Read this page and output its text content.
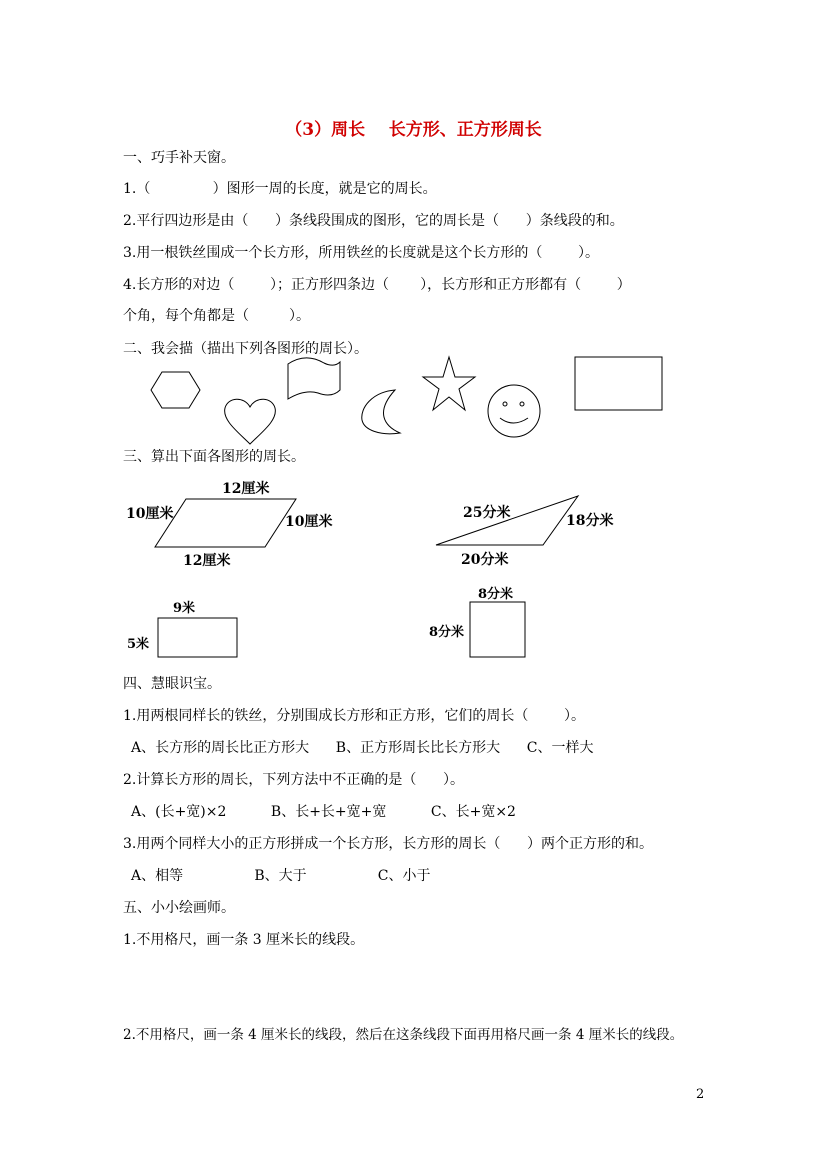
（3）周长    长方形、正方形周长
一、巧手补天窗。
1.（              ）图形一周的长度，就是它的周长。
2.平行四边形是由（      ）条线段围成的图形，它的周长是（      ）条线段的和。
3.用一根铁丝围成一个长方形，所用铁丝的长度就是这个长方形的（        ）。
4.长方形的对边（        ）；正方形四条边（       ），长方形和正方形都有（        ）
个角，每个角都是（         ）。
二、我会描（描出下列各图形的周长）。
三、算出下面各图形的周长。
12厘米
10厘米	10厘米
12厘米
25分米	18分米
20分米
9米
5米
8分米
8分米
四、慧眼识宝。
1.用两根同样长的铁丝，分别围成长方形和正方形，它们的周长（        ）。
A、长方形的周长比正方形大      B、正方形周长比长方形大      C、一样大
2.计算长方形的周长，下列方法中不正确的是（      ）。
A、(长+宽)×2          B、长+长+宽+宽          C、长+宽×2
3.用两个同样大小的正方形拼成一个长方形，长方形的周长（      ）两个正方形的和。
A、相等                B、大于                C、小于
五、小小绘画师。
1.不用格尺，画一条 3 厘米长的线段。
2.不用格尺，画一条 4 厘米长的线段，然后在这条线段下面再用格尺画一条 4 厘米长的线段。
2
